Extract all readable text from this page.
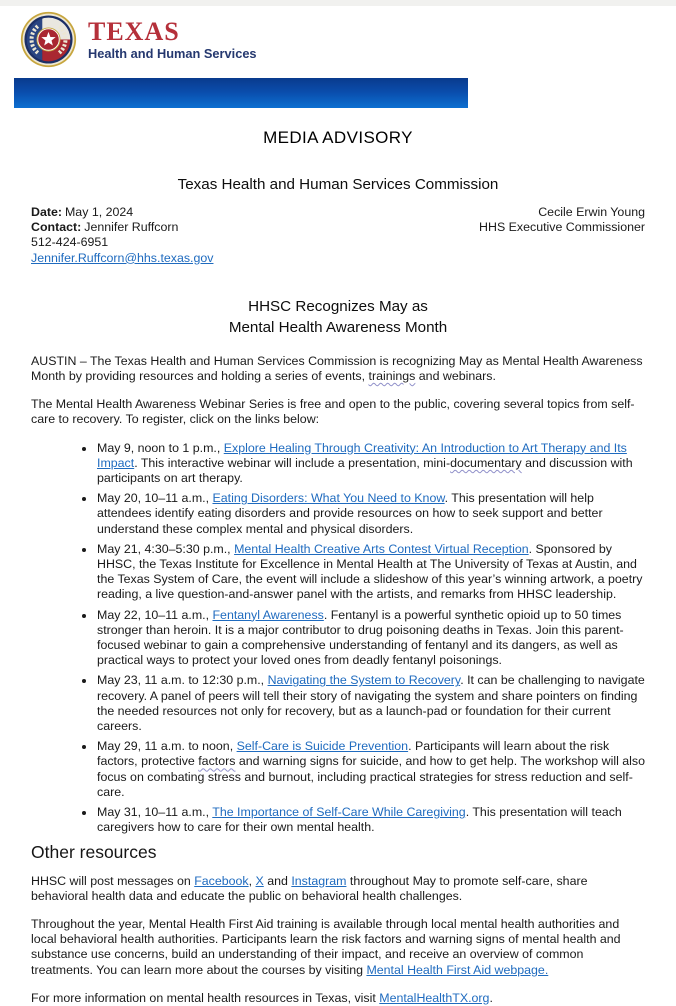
TEXAS
Health and Human Services
MEDIA ADVISORY
Texas Health and Human Services Commission
Date: May 1, 2024
Contact: Jennifer Ruffcorn
512-424-6951
Jennifer.Ruffcorn@hhs.texas.gov
Cecile Erwin Young
HHS Executive Commissioner
HHSC Recognizes May as
Mental Health Awareness Month

AUSTIN – The Texas Health and Human Services Commission is recognizing May as Mental Health Awareness Month by providing resources and holding a series of events, trainings and webinars.

The Mental Health Awareness Webinar Series is free and open to the public, covering several topics from self-care to recovery. To register, click on the links below:

• May 9, noon to 1 p.m., Explore Healing Through Creativity: An Introduction to Art Therapy and Its Impact. This interactive webinar will include a presentation, mini-documentary and discussion with participants on art therapy.
• May 20, 10–11 a.m., Eating Disorders: What You Need to Know. This presentation will help attendees identify eating disorders and provide resources on how to seek support and better understand these complex mental and physical disorders.
• May 21, 4:30–5:30 p.m., Mental Health Creative Arts Contest Virtual Reception. Sponsored by HHSC, the Texas Institute for Excellence in Mental Health at The University of Texas at Austin, and the Texas System of Care, the event will include a slideshow of this year’s winning artwork, a poetry reading, a live question-and-answer panel with the artists, and remarks from HHSC leadership.
• May 22, 10–11 a.m., Fentanyl Awareness. Fentanyl is a powerful synthetic opioid up to 50 times stronger than heroin. It is a major contributor to drug poisoning deaths in Texas. Join this parent-focused webinar to gain a comprehensive understanding of fentanyl and its dangers, as well as practical ways to protect your loved ones from deadly fentanyl poisonings.
• May 23, 11 a.m. to 12:30 p.m., Navigating the System to Recovery. It can be challenging to navigate recovery. A panel of peers will tell their story of navigating the system and share pointers on finding the needed resources not only for recovery, but as a launch-pad or foundation for their current careers.
• May 29, 11 a.m. to noon, Self-Care is Suicide Prevention. Participants will learn about the risk factors, protective factors and warning signs for suicide, and how to get help. The workshop will also focus on combating stress and burnout, including practical strategies for stress reduction and self-care.
• May 31, 10–11 a.m., The Importance of Self-Care While Caregiving. This presentation will teach caregivers how to care for their own mental health.
Other resources

HHSC will post messages on Facebook, X and Instagram throughout May to promote self-care, share behavioral health data and educate the public on behavioral health challenges.

Throughout the year, Mental Health First Aid training is available through local mental health authorities and local behavioral health authorities. Participants learn the risk factors and warning signs of mental health and substance use concerns, build an understanding of their impact, and receive an overview of common treatments. You can learn more about the courses by visiting Mental Health First Aid webpage.

For more information on mental health resources in Texas, visit MentalHealthTX.org.
